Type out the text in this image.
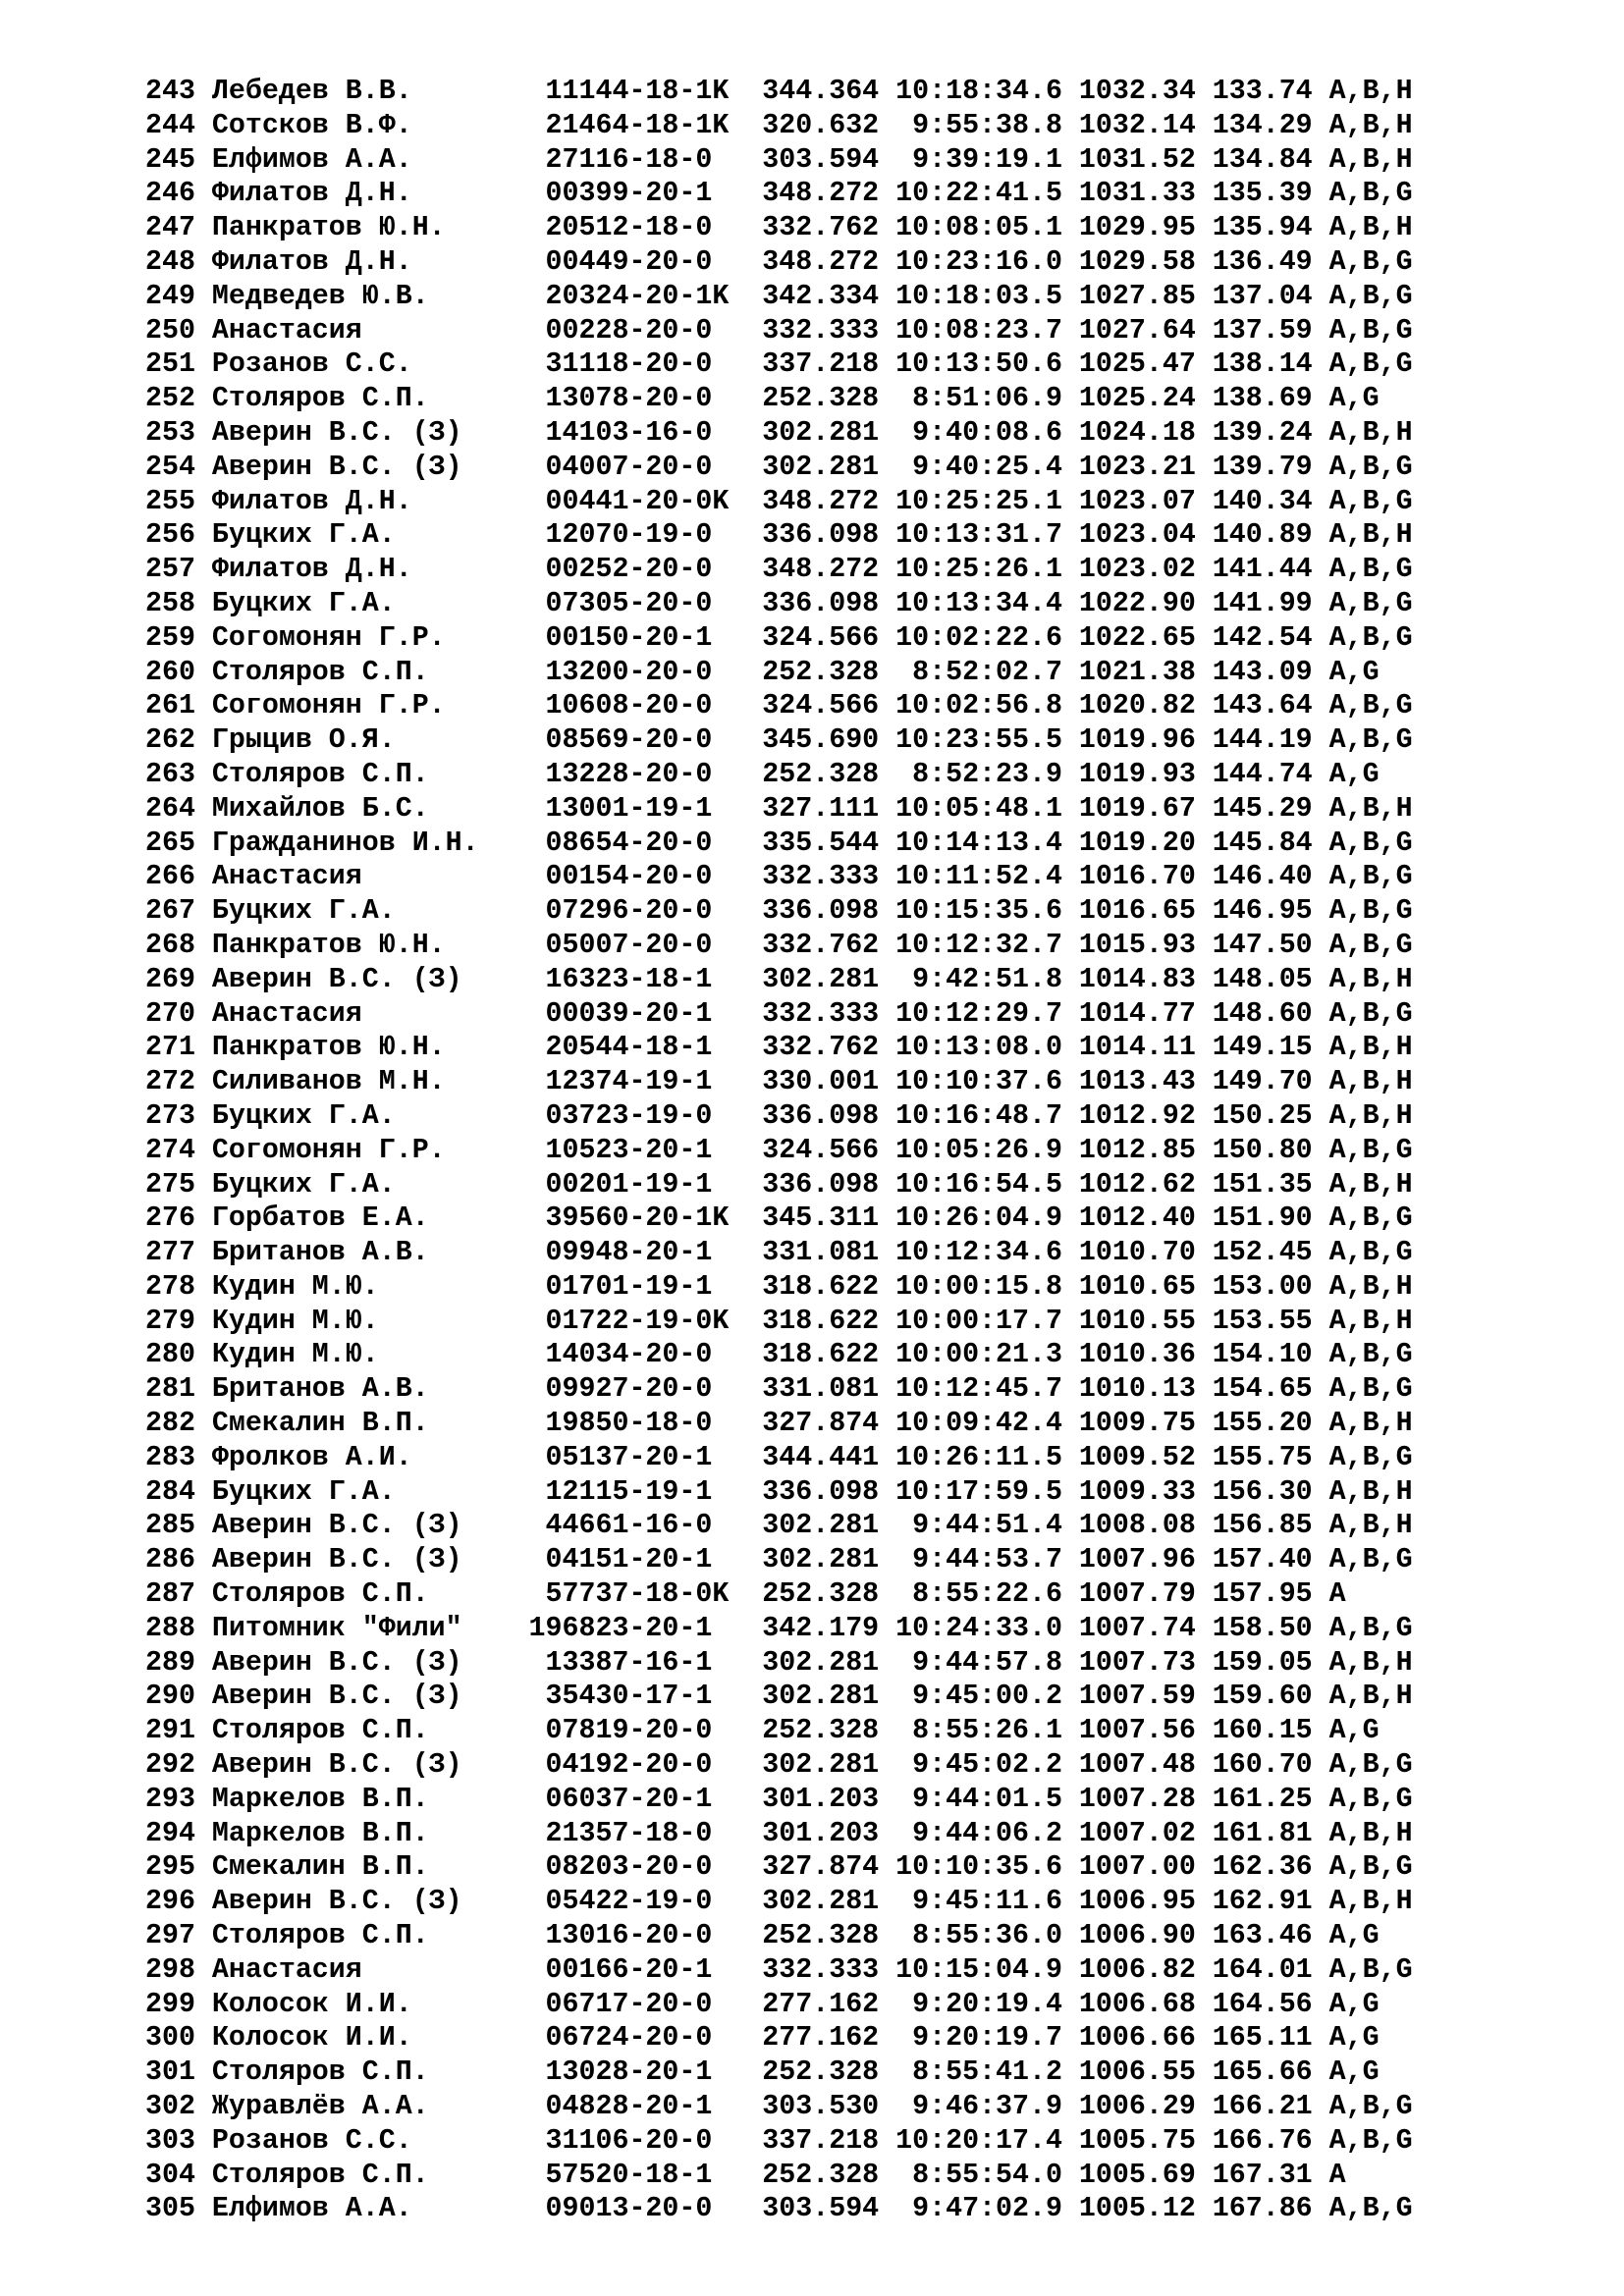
243 Лебедев В.В.        11144-18-1K  344.364 10:18:34.6 1032.34 133.74 A,B,H
244 Сотсков В.Ф.        21464-18-1K  320.632  9:55:38.8 1032.14 134.29 A,B,H
245 Елфимов А.А.        27116-18-0   303.594  9:39:19.1 1031.52 134.84 A,B,H
246 Филатов Д.Н.        00399-20-1   348.272 10:22:41.5 1031.33 135.39 A,B,G
247 Панкратов Ю.Н.      20512-18-0   332.762 10:08:05.1 1029.95 135.94 A,B,H
248 Филатов Д.Н.        00449-20-0   348.272 10:23:16.0 1029.58 136.49 A,B,G
249 Медведев Ю.В.       20324-20-1K  342.334 10:18:03.5 1027.85 137.04 A,B,G
250 Анастасия           00228-20-0   332.333 10:08:23.7 1027.64 137.59 A,B,G
251 Розанов С.С.        31118-20-0   337.218 10:13:50.6 1025.47 138.14 A,B,G
252 Столяров С.П.       13078-20-0   252.328  8:51:06.9 1025.24 138.69 A,G
253 Аверин В.С. (З)     14103-16-0   302.281  9:40:08.6 1024.18 139.24 A,B,H
254 Аверин В.С. (З)     04007-20-0   302.281  9:40:25.4 1023.21 139.79 A,B,G
255 Филатов Д.Н.        00441-20-0K  348.272 10:25:25.1 1023.07 140.34 A,B,G
256 Буцких Г.А.         12070-19-0   336.098 10:13:31.7 1023.04 140.89 A,B,H
257 Филатов Д.Н.        00252-20-0   348.272 10:25:26.1 1023.02 141.44 A,B,G
258 Буцких Г.А.         07305-20-0   336.098 10:13:34.4 1022.90 141.99 A,B,G
259 Согомонян Г.Р.      00150-20-1   324.566 10:02:22.6 1022.65 142.54 A,B,G
260 Столяров С.П.       13200-20-0   252.328  8:52:02.7 1021.38 143.09 A,G
261 Согомонян Г.Р.      10608-20-0   324.566 10:02:56.8 1020.82 143.64 A,B,G
262 Грыцив О.Я.         08569-20-0   345.690 10:23:55.5 1019.96 144.19 A,B,G
263 Столяров С.П.       13228-20-0   252.328  8:52:23.9 1019.93 144.74 A,G
264 Михайлов Б.С.       13001-19-1   327.111 10:05:48.1 1019.67 145.29 A,B,H
265 Гражданинов И.Н.    08654-20-0   335.544 10:14:13.4 1019.20 145.84 A,B,G
266 Анастасия           00154-20-0   332.333 10:11:52.4 1016.70 146.40 A,B,G
267 Буцких Г.А.         07296-20-0   336.098 10:15:35.6 1016.65 146.95 A,B,G
268 Панкратов Ю.Н.      05007-20-0   332.762 10:12:32.7 1015.93 147.50 A,B,G
269 Аверин В.С. (З)     16323-18-1   302.281  9:42:51.8 1014.83 148.05 A,B,H
270 Анастасия           00039-20-1   332.333 10:12:29.7 1014.77 148.60 A,B,G
271 Панкратов Ю.Н.      20544-18-1   332.762 10:13:08.0 1014.11 149.15 A,B,H
272 Силиванов М.Н.      12374-19-1   330.001 10:10:37.6 1013.43 149.70 A,B,H
273 Буцких Г.А.         03723-19-0   336.098 10:16:48.7 1012.92 150.25 A,B,H
274 Согомонян Г.Р.      10523-20-1   324.566 10:05:26.9 1012.85 150.80 A,B,G
275 Буцких Г.А.         00201-19-1   336.098 10:16:54.5 1012.62 151.35 A,B,H
276 Горбатов Е.А.       39560-20-1K  345.311 10:26:04.9 1012.40 151.90 A,B,G
277 Британов А.В.       09948-20-1   331.081 10:12:34.6 1010.70 152.45 A,B,G
278 Кудин М.Ю.          01701-19-1   318.622 10:00:15.8 1010.65 153.00 A,B,H
279 Кудин М.Ю.          01722-19-0K  318.622 10:00:17.7 1010.55 153.55 A,B,H
280 Кудин М.Ю.          14034-20-0   318.622 10:00:21.3 1010.36 154.10 A,B,G
281 Британов А.В.       09927-20-0   331.081 10:12:45.7 1010.13 154.65 A,B,G
282 Смекалин В.П.       19850-18-0   327.874 10:09:42.4 1009.75 155.20 A,B,H
283 Фролков А.И.        05137-20-1   344.441 10:26:11.5 1009.52 155.75 A,B,G
284 Буцких Г.А.         12115-19-1   336.098 10:17:59.5 1009.33 156.30 A,B,H
285 Аверин В.С. (З)     44661-16-0   302.281  9:44:51.4 1008.08 156.85 A,B,H
286 Аверин В.С. (З)     04151-20-1   302.281  9:44:53.7 1007.96 157.40 A,B,G
287 Столяров С.П.       57737-18-0K  252.328  8:55:22.6 1007.79 157.95 A
288 Питомник "Фили"    196823-20-1   342.179 10:24:33.0 1007.74 158.50 A,B,G
289 Аверин В.С. (З)     13387-16-1   302.281  9:44:57.8 1007.73 159.05 A,B,H
290 Аверин В.С. (З)     35430-17-1   302.281  9:45:00.2 1007.59 159.60 A,B,H
291 Столяров С.П.       07819-20-0   252.328  8:55:26.1 1007.56 160.15 A,G
292 Аверин В.С. (З)     04192-20-0   302.281  9:45:02.2 1007.48 160.70 A,B,G
293 Маркелов В.П.       06037-20-1   301.203  9:44:01.5 1007.28 161.25 A,B,G
294 Маркелов В.П.       21357-18-0   301.203  9:44:06.2 1007.02 161.81 A,B,H
295 Смекалин В.П.       08203-20-0   327.874 10:10:35.6 1007.00 162.36 A,B,G
296 Аверин В.С. (З)     05422-19-0   302.281  9:45:11.6 1006.95 162.91 A,B,H
297 Столяров С.П.       13016-20-0   252.328  8:55:36.0 1006.90 163.46 A,G
298 Анастасия           00166-20-1   332.333 10:15:04.9 1006.82 164.01 A,B,G
299 Колосок И.И.        06717-20-0   277.162  9:20:19.4 1006.68 164.56 A,G
300 Колосок И.И.        06724-20-0   277.162  9:20:19.7 1006.66 165.11 A,G
301 Столяров С.П.       13028-20-1   252.328  8:55:41.2 1006.55 165.66 A,G
302 Журавлёв А.А.       04828-20-1   303.530  9:46:37.9 1006.29 166.21 A,B,G
303 Розанов С.С.        31106-20-0   337.218 10:20:17.4 1005.75 166.76 A,B,G
304 Столяров С.П.       57520-18-1   252.328  8:55:54.0 1005.69 167.31 A
305 Елфимов А.А.        09013-20-0   303.594  9:47:02.9 1005.12 167.86 A,B,G
